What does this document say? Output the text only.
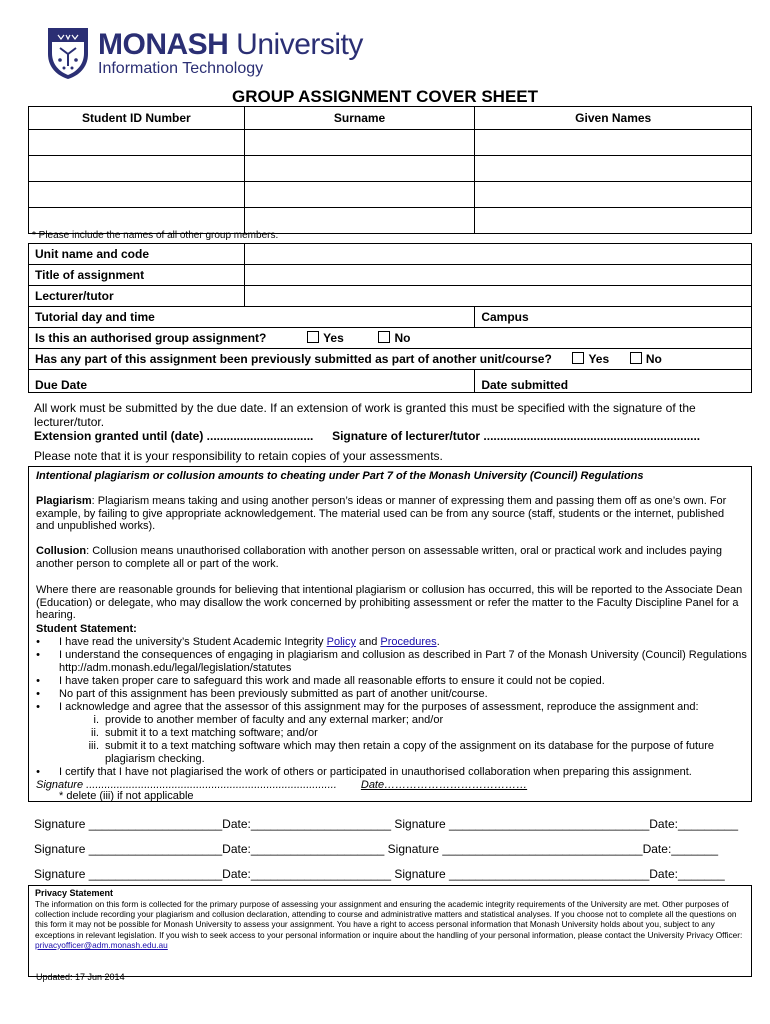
MONASH University
Information Technology
GROUP ASSIGNMENT COVER SHEET
Student ID Number	Surname	Given Names

* Please include the names of all other group members.
Unit name and code		
Title of assignment		
Lecturer/tutor		
Tutorial day and time		Campus
Is this an authorised group assignment? Yes No		
Has any part of this assignment been previously submitted as part of another unit/course? Yes No		
Due Date		Date submitted
All work must be submitted by the due date. If an extension of work is granted this must be specified with the signature of the lecturer/tutor.
Extension granted until (date) ................................ Signature of lecturer/tutor .................................................................
Please note that it is your responsibility to retain copies of your assessments.
Intentional plagiarism or collusion amounts to cheating under Part 7 of the Monash University (Council) Regulations
Plagiarism: Plagiarism means taking and using another person’s ideas or manner of expressing them and passing them off as one’s own. For example, by failing to give appropriate acknowledgement. The material used can be from any source (staff, students or the internet, published and unpublished works).
Collusion: Collusion means unauthorised collaboration with another person on assessable written, oral or practical work and includes paying another person to complete all or part of the work.
Where there are reasonable grounds for believing that intentional plagiarism or collusion has occurred, this will be reported to the Associate Dean (Education) or delegate, who may disallow the work concerned by prohibiting assessment or refer the matter to the Faculty Discipline Panel for a hearing.
Student Statement:
• I have read the university’s Student Academic Integrity Policy and Procedures.
• I understand the consequences of engaging in plagiarism and collusion as described in Part 7 of the Monash University (Council) Regulations http://adm.monash.edu/legal/legislation/statutes
• I have taken proper care to safeguard this work and made all reasonable efforts to ensure it could not be copied.
• No part of this assignment has been previously submitted as part of another unit/course.
• I acknowledge and agree that the assessor of this assignment may for the purposes of assessment, reproduce the assignment and:
i. provide to another member of faculty and any external marker; and/or
ii. submit it to a text matching software; and/or
iii. submit it to a text matching software which may then retain a copy of the assignment on its database for the purpose of future plagiarism checking.
• I certify that I have not plagiarised the work of others or participated in unauthorised collaboration when preparing this assignment.
Signature .................................................................................. Date…………………………………
* delete (iii) if not applicable
Signature ____________________Date:_____________________ Signature ______________________________Date:_________
Signature ____________________Date:____________________ Signature ______________________________Date:_______
Signature ____________________Date:_____________________ Signature ______________________________Date:_______
Privacy Statement
The information on this form is collected for the primary purpose of assessing your assignment and ensuring the academic integrity requirements of the University are met. Other purposes of collection include recording your plagiarism and collusion declaration, attending to course and administrative matters and statistical analyses. If you choose not to complete all the questions on this form it may not be possible for Monash University to assess your assignment. You have a right to access personal information that Monash University holds about you, subject to any exceptions in relevant legislation. If you wish to seek access to your personal information or inquire about the handling of your personal information, please contact the University Privacy Officer: privacyofficer@adm.monash.edu.au
Updated: 17 Jun 2014
